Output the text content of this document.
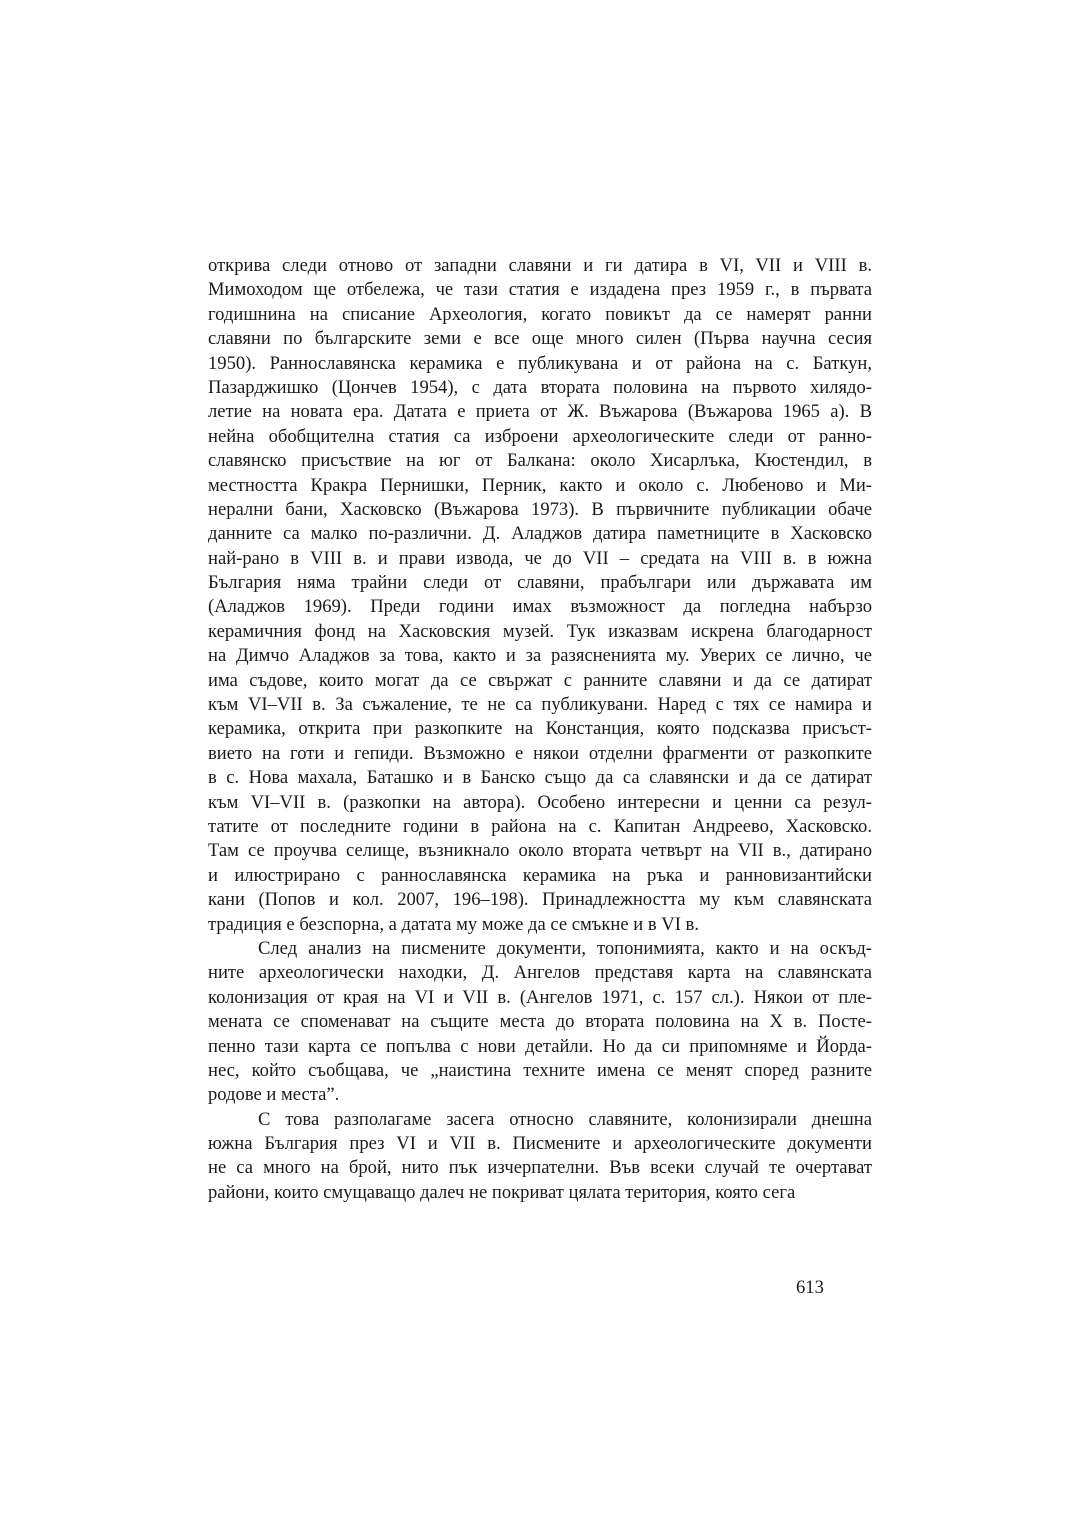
открива следи отново от западни славяни и ги датира в VI, VII и VIII в.
Мимоходом ще отбележа, че тази статия е издадена през 1959 г., в първата
годишнина на списание Археология, когато повикът да се намерят ранни
славяни по българските земи е все още много силен (Първа научна сесия
1950). Раннославянска керамика е публикувана и от района на с. Баткун,
Пазарджишко (Цончев 1954), с дата втората половина на първото хилядо-
летие на новата ера. Датата е приета от Ж. Въжарова (Въжарова 1965 а). В
нейна обобщителна статия са изброени археологическите следи от ранно-
славянско присъствие на юг от Балкана: около Хисарлъка, Кюстендил, в
местността Кракра Пернишки, Перник, както и около с. Любеново и Ми-
нерални бани, Хасковско (Въжарова 1973). В първичните публикации обаче
данните са малко по-различни. Д. Аладжов датира паметниците в Хасковско
най-рано в VIII в. и прави извода, че до VII – средата на VIII в. в южна
България няма трайни следи от славяни, прабългари или държавата им
(Аладжов 1969). Преди години имах възможност да погледна набързо
керамичния фонд на Хасковския музей. Тук изказвам искрена благодарност
на Димчо Аладжов за това, както и за разясненията му. Уверих се лично, че
има съдове, които могат да се свържат с ранните славяни и да се датират
към VI–VII в. За съжаление, те не са публикувани. Наред с тях се намира и
керамика, открита при разкопките на Констанция, която подсказва присъст-
вието на готи и гепиди. Възможно е някои отделни фрагменти от разкопките
в с. Нова махала, Баташко и в Банско също да са славянски и да се датират
към VI–VII в. (разкопки на автора). Особено интересни и ценни са резул-
татите от последните години в района на с. Капитан Андреево, Хасковско.
Там се проучва селище, възникнало около втората четвърт на VII в., датирано
и илюстрирано с раннославянска керамика на ръка и ранновизантийски
кани (Попов и кол. 2007, 196–198). Принадлежността му към славянската
традиция е безспорна, а датата му може да се смъкне и в VI в.
След анализ на писмените документи, топонимията, както и на оскъд-
ните археологически находки, Д. Ангелов представя карта на славянската
колонизация от края на VI и VII в. (Ангелов 1971, с. 157 сл.). Някои от пле-
мената се споменават на същите места до втората половина на X в. Посте-
пенно тази карта се попълва с нови детайли. Но да си припомняме и Йорда-
нес, който съобщава, че „наистина техните имена се менят според разните
родове и места”.
С това разполагаме засега относно славяните, колонизирали днешна
южна България през VI и VII в. Писмените и археологическите документи
не са много на брой, нито пък изчерпателни. Във всеки случай те очертават
райони, които смущаващо далеч не покриват цялата територия, която сега
613
